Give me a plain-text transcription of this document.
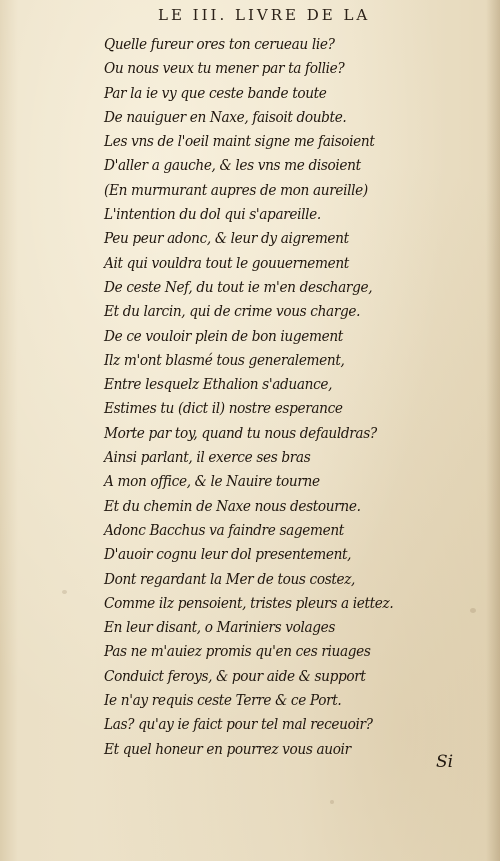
LE III. LIVRE DE LA
Quelle fureur ores ton cerueau lie?
Ou nous veux tu mener par ta follie?
Par la ie vy que ceste bande toute
De nauiguer en Naxe, faisoit doubte.
Les vns de l'oeil maint signe me faisoient
D'aller a gauche, & les vns me disoient
(En murmurant aupres de mon aureille)
L'intention du dol qui s'apareille.
Peu peur adonc, & leur dy aigrement
Ait qui vouldra tout le gouuernement
De ceste Nef, du tout ie m'en descharge,
Et du larcin, qui de crime vous charge.
De ce vouloir plein de bon iugement
Ilz m'ont blasmé tous generalement,
Entre lesquelz Ethalion s'aduance,
Estimes tu (dict il) nostre esperance
Morte par toy, quand tu nous defauldras?
Ainsi parlant, il exerce ses bras
A mon office, & le Nauire tourne
Et du chemin de Naxe nous destourne.
Adonc Bacchus va faindre sagement
D'auoir cognu leur dol presentement,
Dont regardant la Mer de tous costez,
Comme ilz pensoient, tristes pleurs a iettez.
En leur disant, o Mariniers volages
Pas ne m'auiez promis qu'en ces riuages
Conduict feroys, & pour aide & support
Ie n'ay requis ceste Terre & ce Port.
Las? qu'ay ie faict pour tel mal receuoir?
Et quel honeur en pourrez vous auoir
Si
